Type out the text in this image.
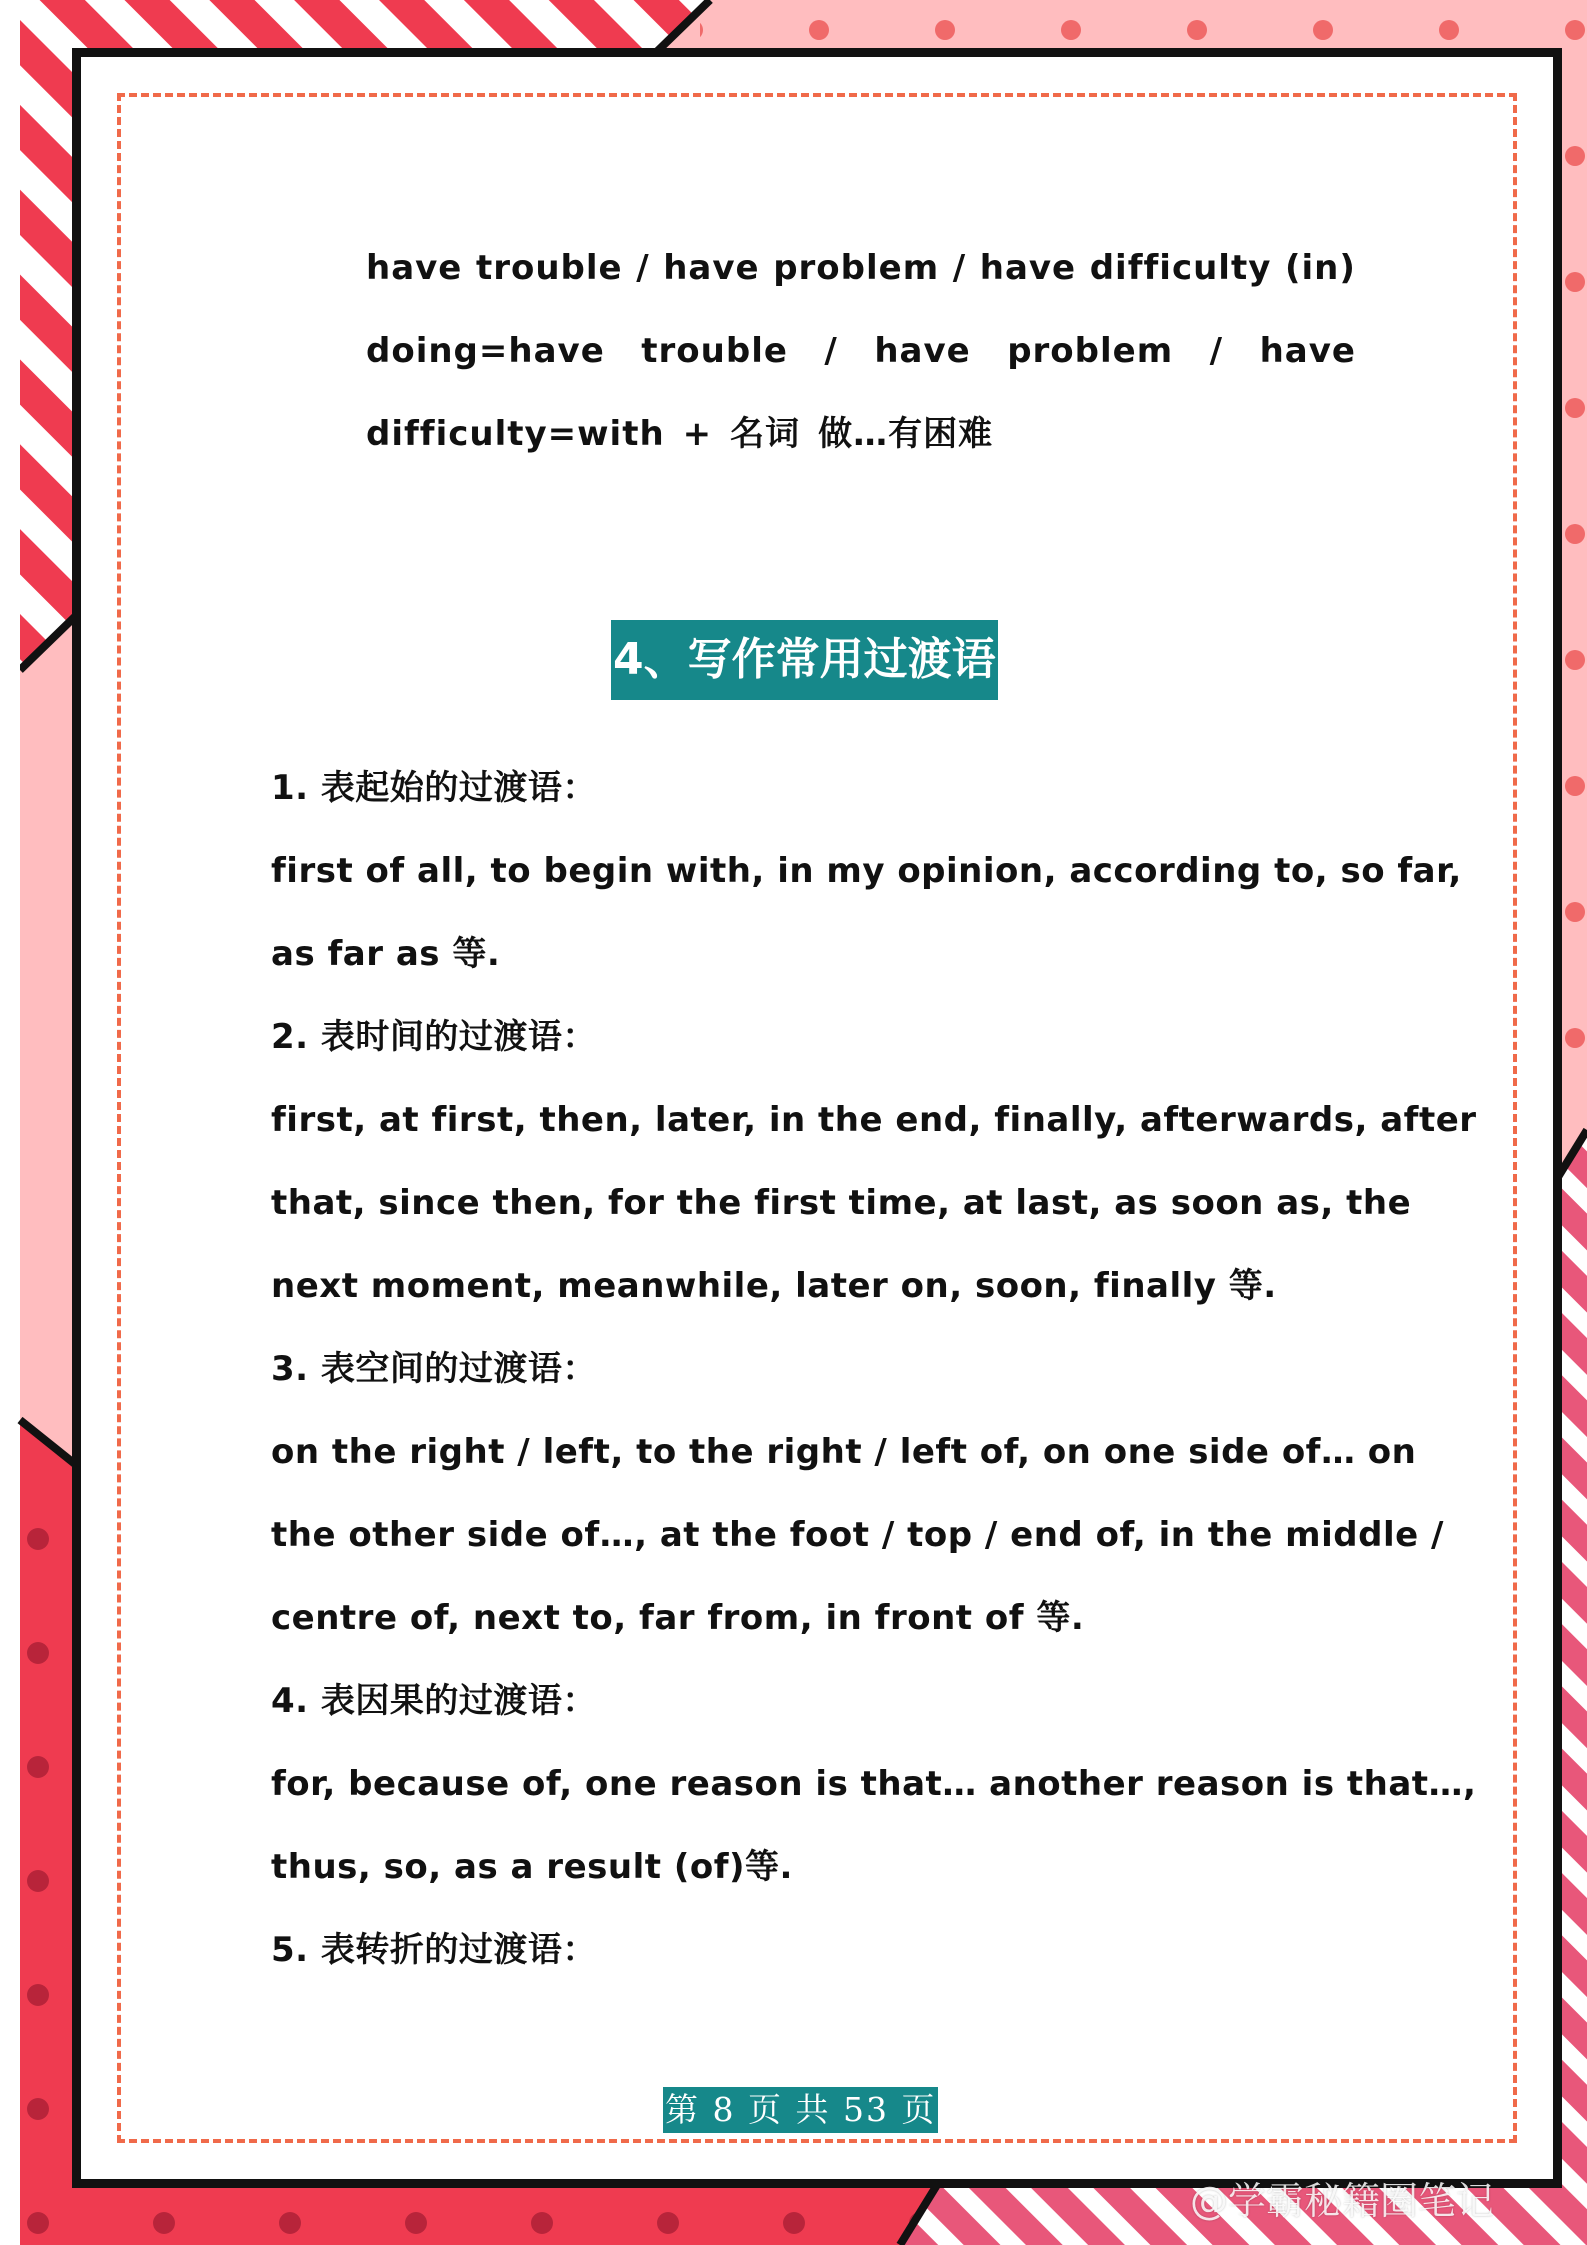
have trouble / have problem / have difficulty (in)
doing=have trouble / have problem / have
difficulty=with + 名词 做…有困难
4、写作常用过渡语
1. 表起始的过渡语：
first of all, to begin with, in my opinion, according to, so far,
as far as 等.
2. 表时间的过渡语：
first, at first, then, later, in the end, finally, afterwards, after
that, since then, for the first time, at last, as soon as, the
next moment, meanwhile, later on, soon, finally 等.
3. 表空间的过渡语：
on the right / left, to the right / left of, on one side of… on
the other side of…, at the foot / top / end of, in the middle /
centre of, next to, far from, in front of 等.
4. 表因果的过渡语：
for, because of, one reason is that… another reason is that…,
thus, so, as a result (of)等.
5. 表转折的过渡语：
第 8 页 共 53 页
@学霸秘籍圈笔记
